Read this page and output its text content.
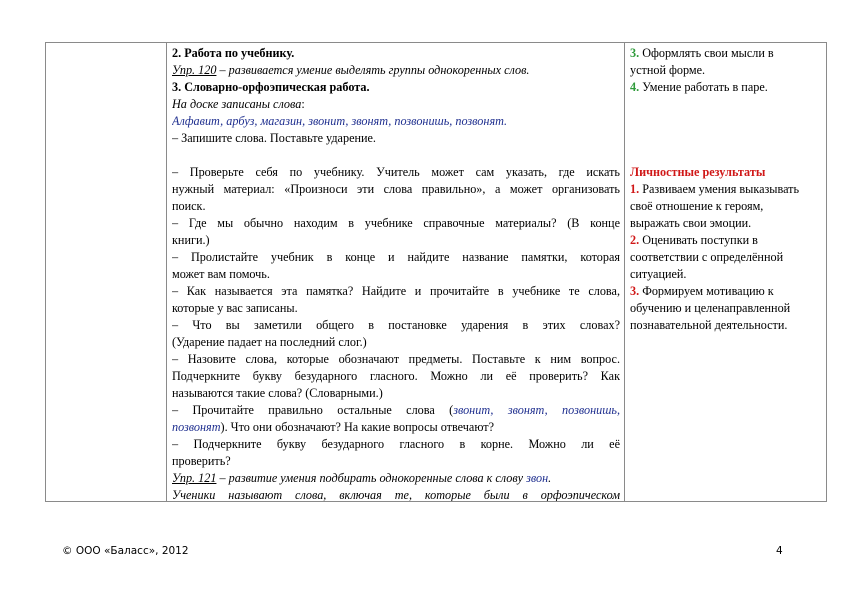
2. Работа по учебнику.
Упр. 120 – развивается умение выделять группы однокоренных слов.
3. Словарно-орфоэпическая работа.
На доске записаны слова:
Алфавит, арбуз, магазин, звонит, звонят, позвонишь, позвонят.
– Запишите слова. Поставьте ударение.
– Проверьте себя по учебнику. Учитель может сам указать, где искать
нужный материал: «Произноси эти слова правильно», а может организовать
поиск.
– Где мы обычно находим в учебнике справочные материалы? (В конце
книги.)
– Пролистайте учебник в конце и найдите название памятки, которая
может вам помочь.
– Как называется эта памятка? Найдите и прочитайте в учебнике те слова,
которые у вас записаны.
– Что вы заметили общего в постановке ударения в этих словах?
(Ударение падает на последний слог.)
– Назовите слова, которые обозначают предметы. Поставьте к ним вопрос.
Подчеркните букву безударного гласного. Можно ли её проверить? Как
называются такие слова? (Словарными.)
– Прочитайте правильно остальные слова (звонит, звонят, позвонишь,
позвонят). Что они обозначают? На какие вопросы отвечают?
– Подчеркните букву безударного гласного в корне. Можно ли её
проверить?
Упр. 121 – развитие умения подбирать однокоренные слова к слову звон.
Ученики называют слова, включая те, которые были в орфоэпическом
3. Оформлять свои мысли в
устной форме.
4. Умение работать в паре.
Личностные результаты
1. Развиваем умения выказывать
своё отношение к героям,
выражать свои эмоции.
2. Оценивать поступки в
соответствии с определённой
ситуацией.
3. Формируем мотивацию к
обучению и целенаправленной
познавательной деятельности.
© ООО «Баласс», 2012	4
